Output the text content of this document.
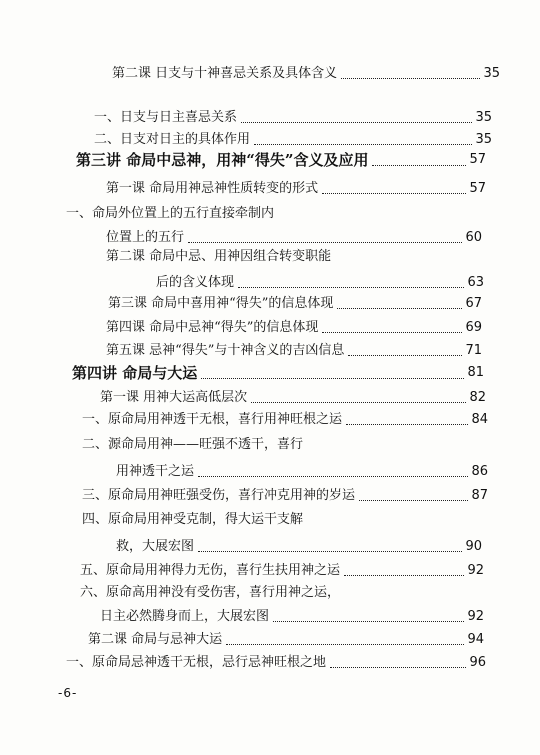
第二课 日支与十神喜忌关系及具体含义	35
一、日支与日主喜忌关系	35
二、日支对日主的具体作用	35
第三讲 命局中忌神，用神“得失”含义及应用	57
第一课 命局用神忌神性质转变的形式	57
一、命局外位置上的五行直接牵制内
位置上的五行	60
第二课 命局中忌、用神因组合转变职能
后的含义体现	63
第三课 命局中喜用神“得失”的信息体现	67
第四课 命局中忌神“得失”的信息体现	69
第五课 忌神“得失”与十神含义的吉凶信息	71
第四讲 命局与大运	81
第一课 用神大运高低层次	82
一、原命局用神透干无根，喜行用神旺根之运	84
二、源命局用神——旺强不透干，喜行
用神透干之运	86
三、原命局用神旺强受伤，喜行冲克用神的岁运	87
四、原命局用神受克制，得大运干支解
救，大展宏图	90
五、原命局用神得力无伤，喜行生扶用神之运	92
六、原命高用神没有受伤害，喜行用神之运，
日主必然腾身而上，大展宏图	92
第二课 命局与忌神大运	94
一、原命局忌神透干无根，忌行忌神旺根之地	96
-6-
